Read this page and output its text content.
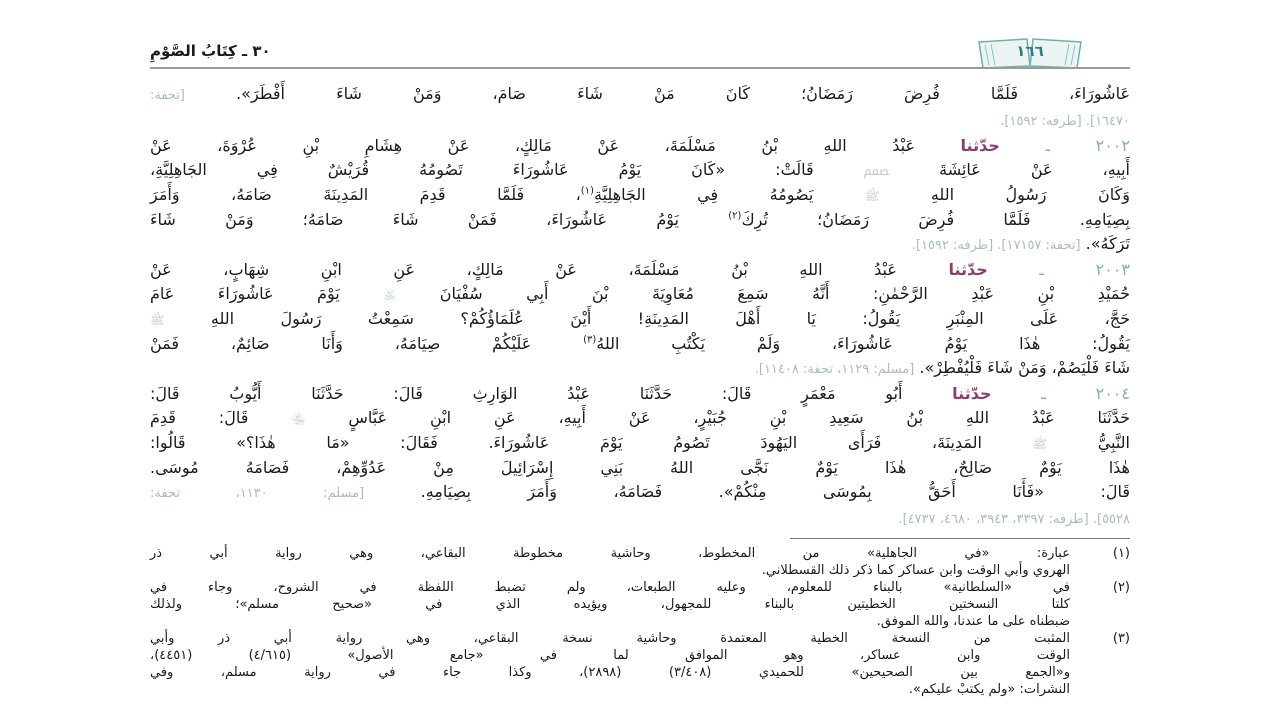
١٦٦
٣٠ ـ كِتَابُ الصَّوْمِ
عَاشُورَاءَ، فَلَمَّا فُرِضَ رَمَضَانُ؛ كَانَ مَنْ شَاءَ صَامَ، وَمَنْ شَاءَ أَفْطَرَ». [تحفة:
١٦٤٧٠]. [طرفه: ١٥٩٢].
٢٠٠٢ ـ حدّثنا عَبْدُ اللهِ بْنُ مَسْلَمَةَ، عَنْ مَالِكٍ، عَنْ هِشَامِ بْنِ عُرْوَةَ، عَنْ
أَبِيهِ، عَنْ عَائِشَةَ ﵦ قَالَتْ: «كَانَ يَوْمُ عَاشُورَاءَ تَصُومُهُ قُرَيْشٌ فِي الجَاهِلِيَّةِ،
وَكَانَ رَسُولُ اللهِ ﷺ يَصُومُهُ فِي الجَاهِلِيَّةِ$^{(١)}$، فَلَمَّا قَدِمَ المَدِينَةَ صَامَهُ، وَأَمَرَ
بِصِيَامِهِ. فَلَمَّا فُرِضَ رَمَضَانُ؛ تُرِكَ$^{(٢)}$ يَوْمُ عَاشُورَاءَ، فَمَنْ شَاءَ صَامَهُ؛ وَمَنْ شَاءَ
تَرَكَهُ». [تحفة: ١٧١٥٧]. [طرفه: ١٥٩٢].
٢٠٠٣ ـ حدّثنا عَبْدُ اللهِ بْنُ مَسْلَمَةَ، عَنْ مَالِكٍ، عَنِ ابْنِ شِهَابٍ، عَنْ
حُمَيْدِ بْنِ عَبْدِ الرَّحْمٰنِ: أَنَّهُ سَمِعَ مُعَاوِيَةَ بْنَ أَبِي سُفْيَانَ ﵁ يَوْمَ عَاشُورَاءَ عَامَ
حَجَّ، عَلَى المِنْبَرِ يَقُولُ: يَا أَهْلَ المَدِينَةِ! أَيْنَ عُلَمَاؤُكُمْ؟ سَمِعْتُ رَسُولَ اللهِ ﷺ
يَقُولُ: هٰذَا يَوْمُ عَاشُورَاءَ، وَلَمْ يَكْتُبِ اللهُ$^{(٣)}$ عَلَيْكُمْ صِيَامَهُ، وَأَنَا صَائِمٌ، فَمَنْ
شَاءَ فَلْيَصُمْ، وَمَنْ شَاءَ فَلْيُفْطِرْ». [مسلم: ١١٢٩، تحفة: ١١٤٠٨].
٢٠٠٤ ـ حدّثنا أَبُو مَعْمَرٍ قَالَ: حَدَّثَنَا عَبْدُ الوَارِثِ قَالَ: حَدَّثَنَا أَيُّوبُ قَالَ:
حَدَّثَنَا عَبْدُ اللهِ بْنُ سَعِيدِ بْنِ جُبَيْرٍ، عَنْ أَبِيهِ، عَنِ ابْنِ عَبَّاسٍ ﵄ قَالَ: قَدِمَ
النَّبِيُّ ﷺ المَدِينَةَ، فَرَأَى اليَهُودَ تَصُومُ يَوْمَ عَاشُورَاءَ. فَقَالَ: «مَا هٰذَا؟» قَالُوا:
هٰذَا يَوْمٌ صَالِحٌ، هٰذَا يَوْمٌ نَجَّى اللهُ بَنِي إِسْرَائِيلَ مِنْ عَدُوِّهِمْ، فَصَامَهُ مُوسَى.
قَالَ: «فَأَنَا أَحَقُّ بِمُوسَى مِنْكُمْ». فَصَامَهُ، وَأَمَرَ بِصِيَامِهِ. [مسلم: ١١٣٠، تحفة:
٥٥٢٨]. [طرفه: ٣٣٩٧، ٣٩٤٣، ٤٦٨٠، ٤٧٣٧].
(١)
عبارة: «في الجاهلية» من المخطوط، وحاشية مخطوطة البقاعي، وهي رواية أبي ذر
الهروي وأبي الوقت وابن عساكر كما ذكر ذلك القسطلاني.
(٢)
في «السلطانية» بالبناء للمعلوم، وعليه الطبعات، ولم تضبط اللفظة في الشروح، وجاء في
كلتا النسختين الخطيتين بالبناء للمجهول، ويؤيده الذي في «صحيح مسلم»؛ ولذلك
ضبطناه على ما عندنا، والله الموفق.
(٣)
المثبت من النسخة الخطية المعتمدة وحاشية نسخة البقاعي، وهي رواية أبي ذر وأبي
الوقت وابن عساكر، وهو الموافق لما في «جامع الأصول» (٤/٦١٥) (٤٤٥١)،
و«الجمع بين الصحيحين» للحميدي (٣/٤٠٨) (٢٨٩٨)، وكذا جاء في رواية مسلم، وفي
النشرات: «ولم يكتبْ عليكم».
